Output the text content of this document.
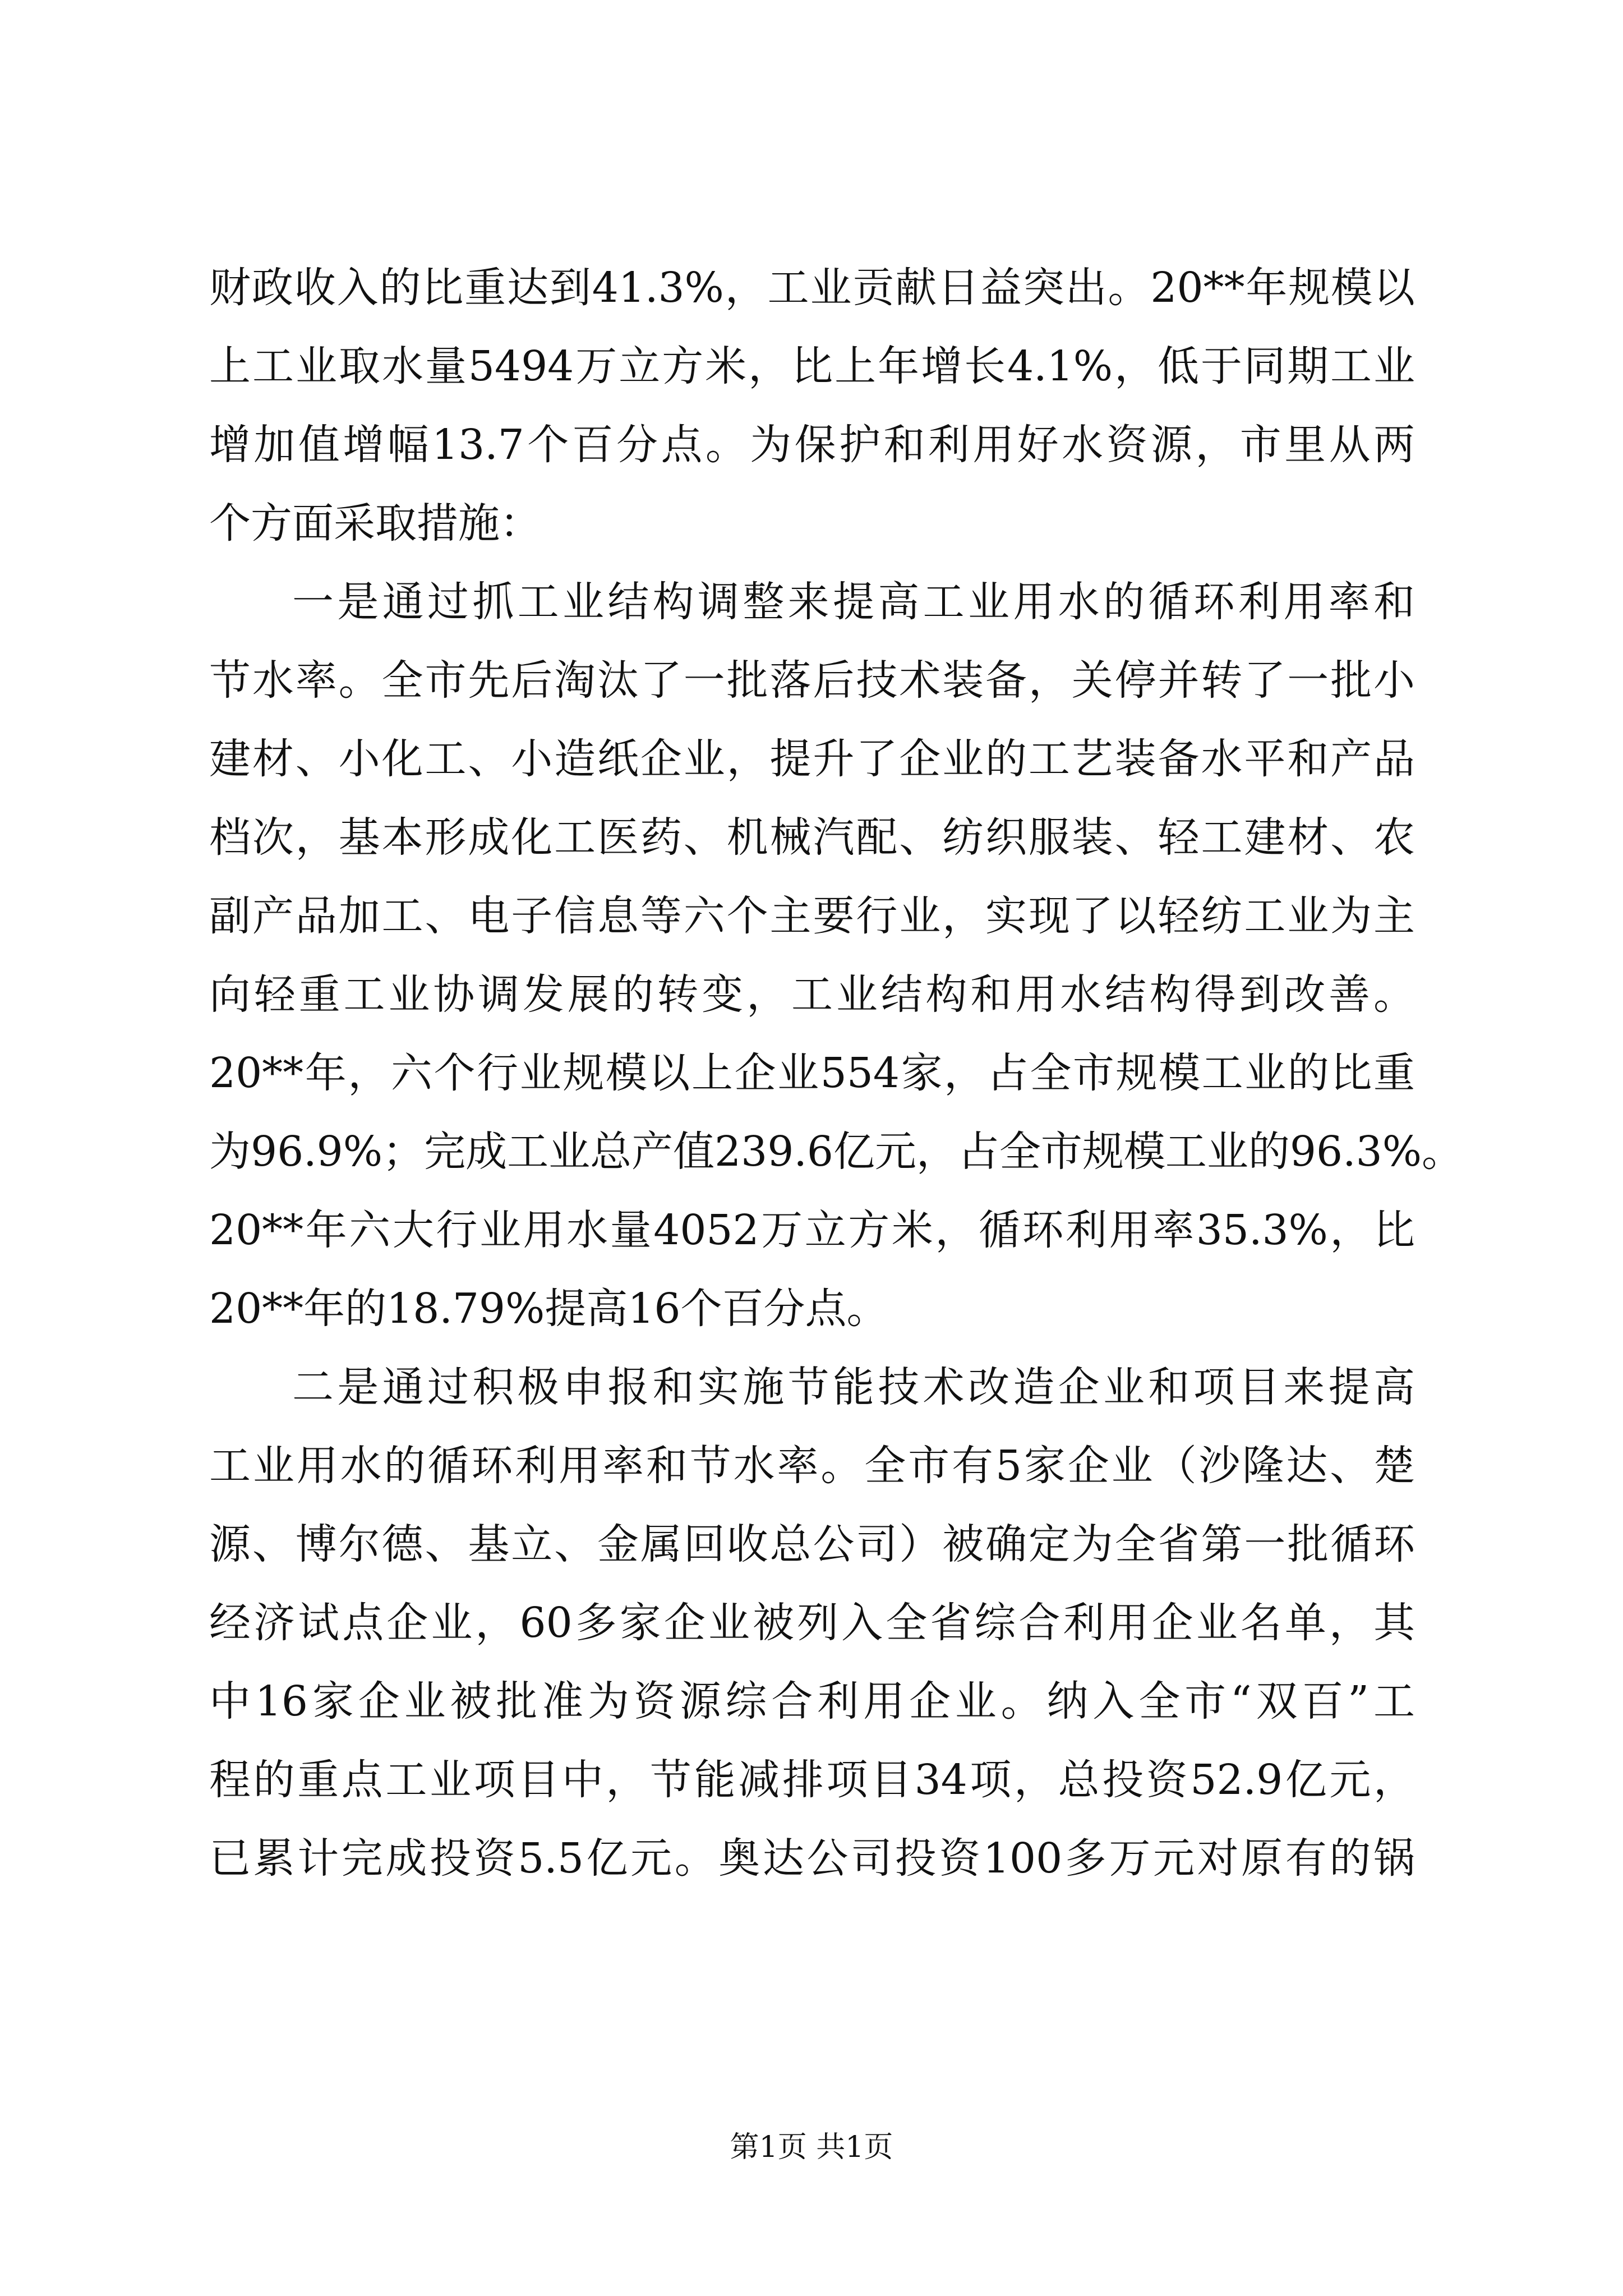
财政收入的比重达到41.3%，工业贡献日益突出。20**年规模以
上工业取水量5494万立方米，比上年增长4.1%，低于同期工业
增加值增幅13.7个百分点。为保护和利用好水资源，市里从两
个方面采取措施：
一是通过抓工业结构调整来提高工业用水的循环利用率和
节水率。全市先后淘汰了一批落后技术装备，关停并转了一批小
建材、小化工、小造纸企业，提升了企业的工艺装备水平和产品
档次，基本形成化工医药、机械汽配、纺织服装、轻工建材、农
副产品加工、电子信息等六个主要行业，实现了以轻纺工业为主
向轻重工业协调发展的转变，工业结构和用水结构得到改善。
20**年，六个行业规模以上企业554家，占全市规模工业的比重
为96.9%；完成工业总产值239.6亿元，占全市规模工业的96.3%。
20**年六大行业用水量4052万立方米，循环利用率35.3%，比
20**年的18.79%提高16个百分点。
二是通过积极申报和实施节能技术改造企业和项目来提高
工业用水的循环利用率和节水率。全市有5家企业（沙隆达、楚
源、博尔德、基立、金属回收总公司）被确定为全省第一批循环
经济试点企业，60多家企业被列入全省综合利用企业名单，其
中16家企业被批准为资源综合利用企业。纳入全市“双百”工
程的重点工业项目中，节能减排项目34项，总投资52.9亿元，
已累计完成投资5.5亿元。奥达公司投资100多万元对原有的锅
第1页 共1页
